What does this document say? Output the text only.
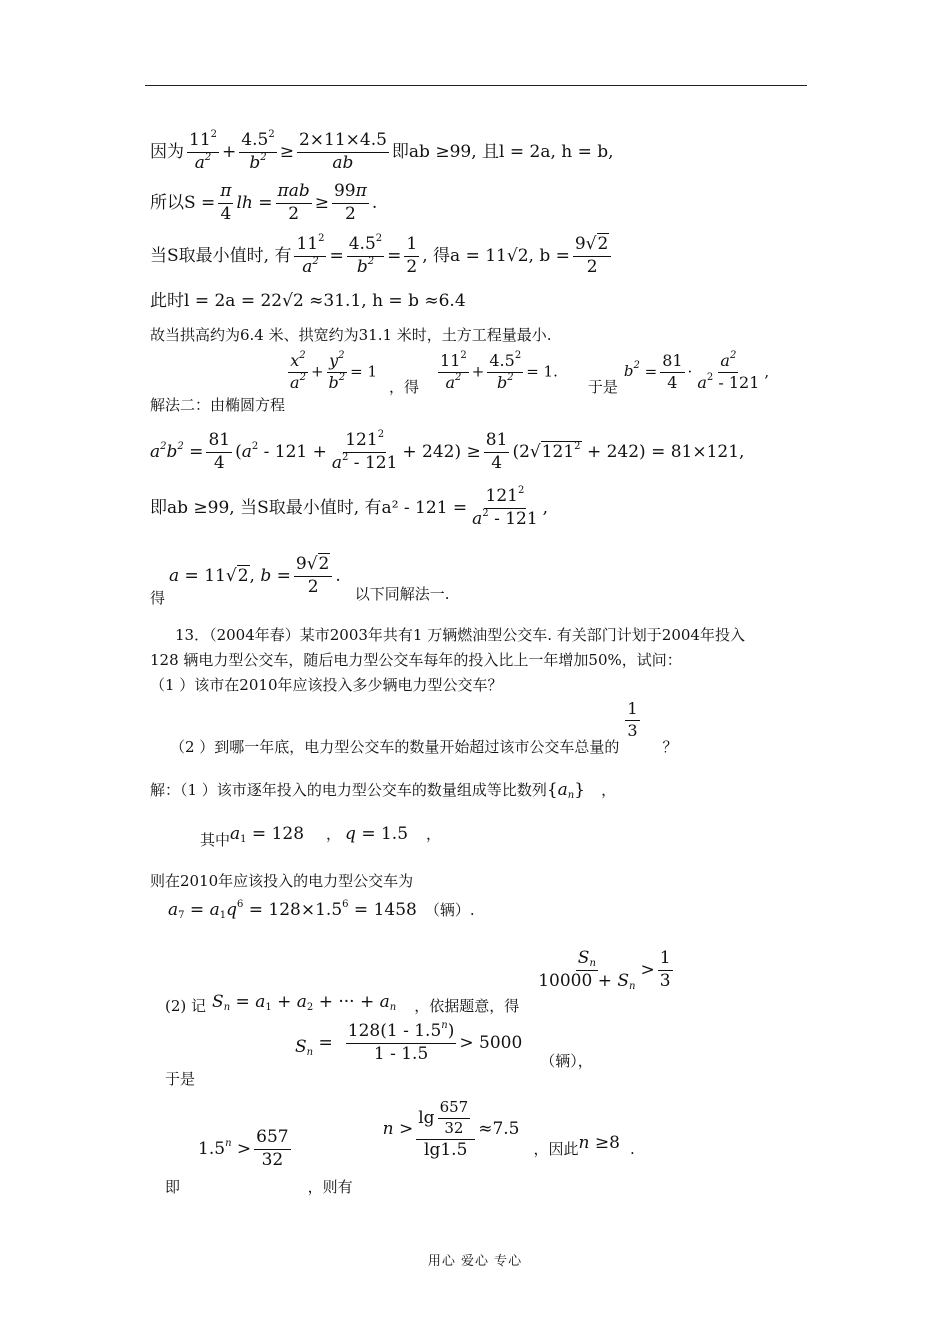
因为 $\frac{11^2}{a^2} + \frac{4.5^2}{b^2} \ge \frac{2\times 11\times 4.5}{ab}$ 即ab ≥99, 且l = 2a, h = b,
所以$S = \frac{\pi}{4}$ lh = $\frac{\text{πab}}{2} \ge \frac{99\pi}{2}$ .
当S取最小值时, 有 $\frac{11^2}{a^2} = \frac{4.5^2}{b^2} = \frac{1}{2}$ , 得a = 11√2, $b = \frac{9√2}{2}$
此时l = 2a = 22√2 ≈31.1, h = b ≈6.4
故当拱高约为6.4 米、拱宽约为31.1 米时，土方工程量最小.
解法二：由椭圆方程
$\frac{x^2}{a^2} + \frac{y^2}{b^2} = 1$，得 $\frac{11^2}{a^2} + \frac{4.5^2}{b^2} = 1$.于是$b^2 = \frac{81}{4} \cdot \frac{a^2}{a^2 - 121}$ ,
$a^2b^2 = \frac{81}{4} (a^2 - 121 + \frac{121^2}{a^2 - 121} + 242) \ge \frac{81}{4} (2√121^2 + 242) = 81\times 121$,
即ab ≥99, 当S取最小值时, 有$a^2 - 121 = \frac{121^2}{a^2 - 121}$ ,
得a = 11√2, $b = \frac{9√2}{2}$ .以下同解法一.
13．（2004年春）某市2003年共有1 万辆燃油型公交车. 有关部门计划于2004年投入
128 辆电力型公交车，随后电力型公交车每年的投入比上一年增加50%，试问：
（1 ）该市在2010年应该投入多少辆电力型公交车？
（2 ）到哪一年底，电力型公交车的数量开始超过该市公交车总量的
$\frac{1}{3}$
？
解：（1 ）该市逐年投入的电力型公交车的数量组成等比数列$\{a_n\}$ ，
其中$a_1 = 128$ ， q = 1.5 ，
则在2010年应该投入的电力型公交车为
$a_7 = a_1q^6 = 128\times 1.5^6 = 1458$ （辆）.
(2) 记 $S_n = a_1 + a_2$ + ··· + $a_n$ ，依据题意，得
$\frac{S_n}{10000 + S_n} > \frac{1}{3}$
于是$S_n = \frac{128(1 - 1.5^n)}{1 - 1.5} > 5000$（辆），
即$1.5^n > \frac{657}{32}$
，则有$n > \frac{\lg \frac{657}{32}}{\lg 1.5} \approx 7.5$，因此n ≥8 .
用心 爱心 专心
